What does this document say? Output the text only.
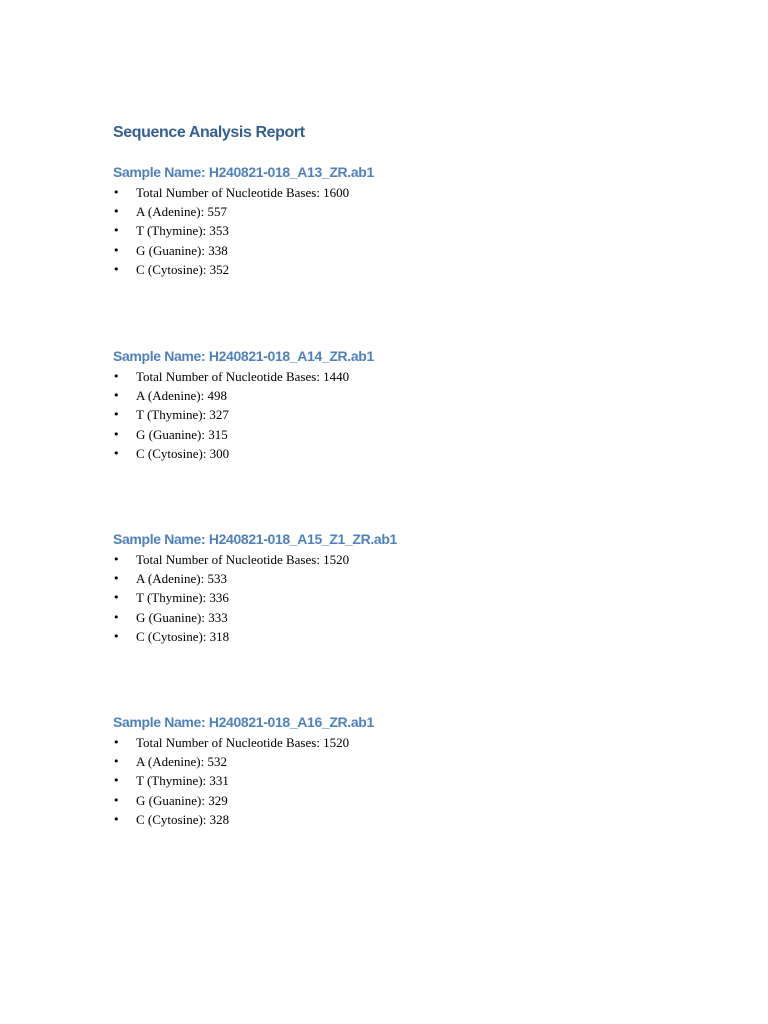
Sequence Analysis Report
Sample Name: H240821-018_A13_ZR.ab1
• Total Number of Nucleotide Bases: 1600
• A (Adenine): 557
• T (Thymine): 353
• G (Guanine): 338
• C (Cytosine): 352
Sample Name: H240821-018_A14_ZR.ab1
• Total Number of Nucleotide Bases: 1440
• A (Adenine): 498
• T (Thymine): 327
• G (Guanine): 315
• C (Cytosine): 300
Sample Name: H240821-018_A15_Z1_ZR.ab1
• Total Number of Nucleotide Bases: 1520
• A (Adenine): 533
• T (Thymine): 336
• G (Guanine): 333
• C (Cytosine): 318
Sample Name: H240821-018_A16_ZR.ab1
• Total Number of Nucleotide Bases: 1520
• A (Adenine): 532
• T (Thymine): 331
• G (Guanine): 329
• C (Cytosine): 328
